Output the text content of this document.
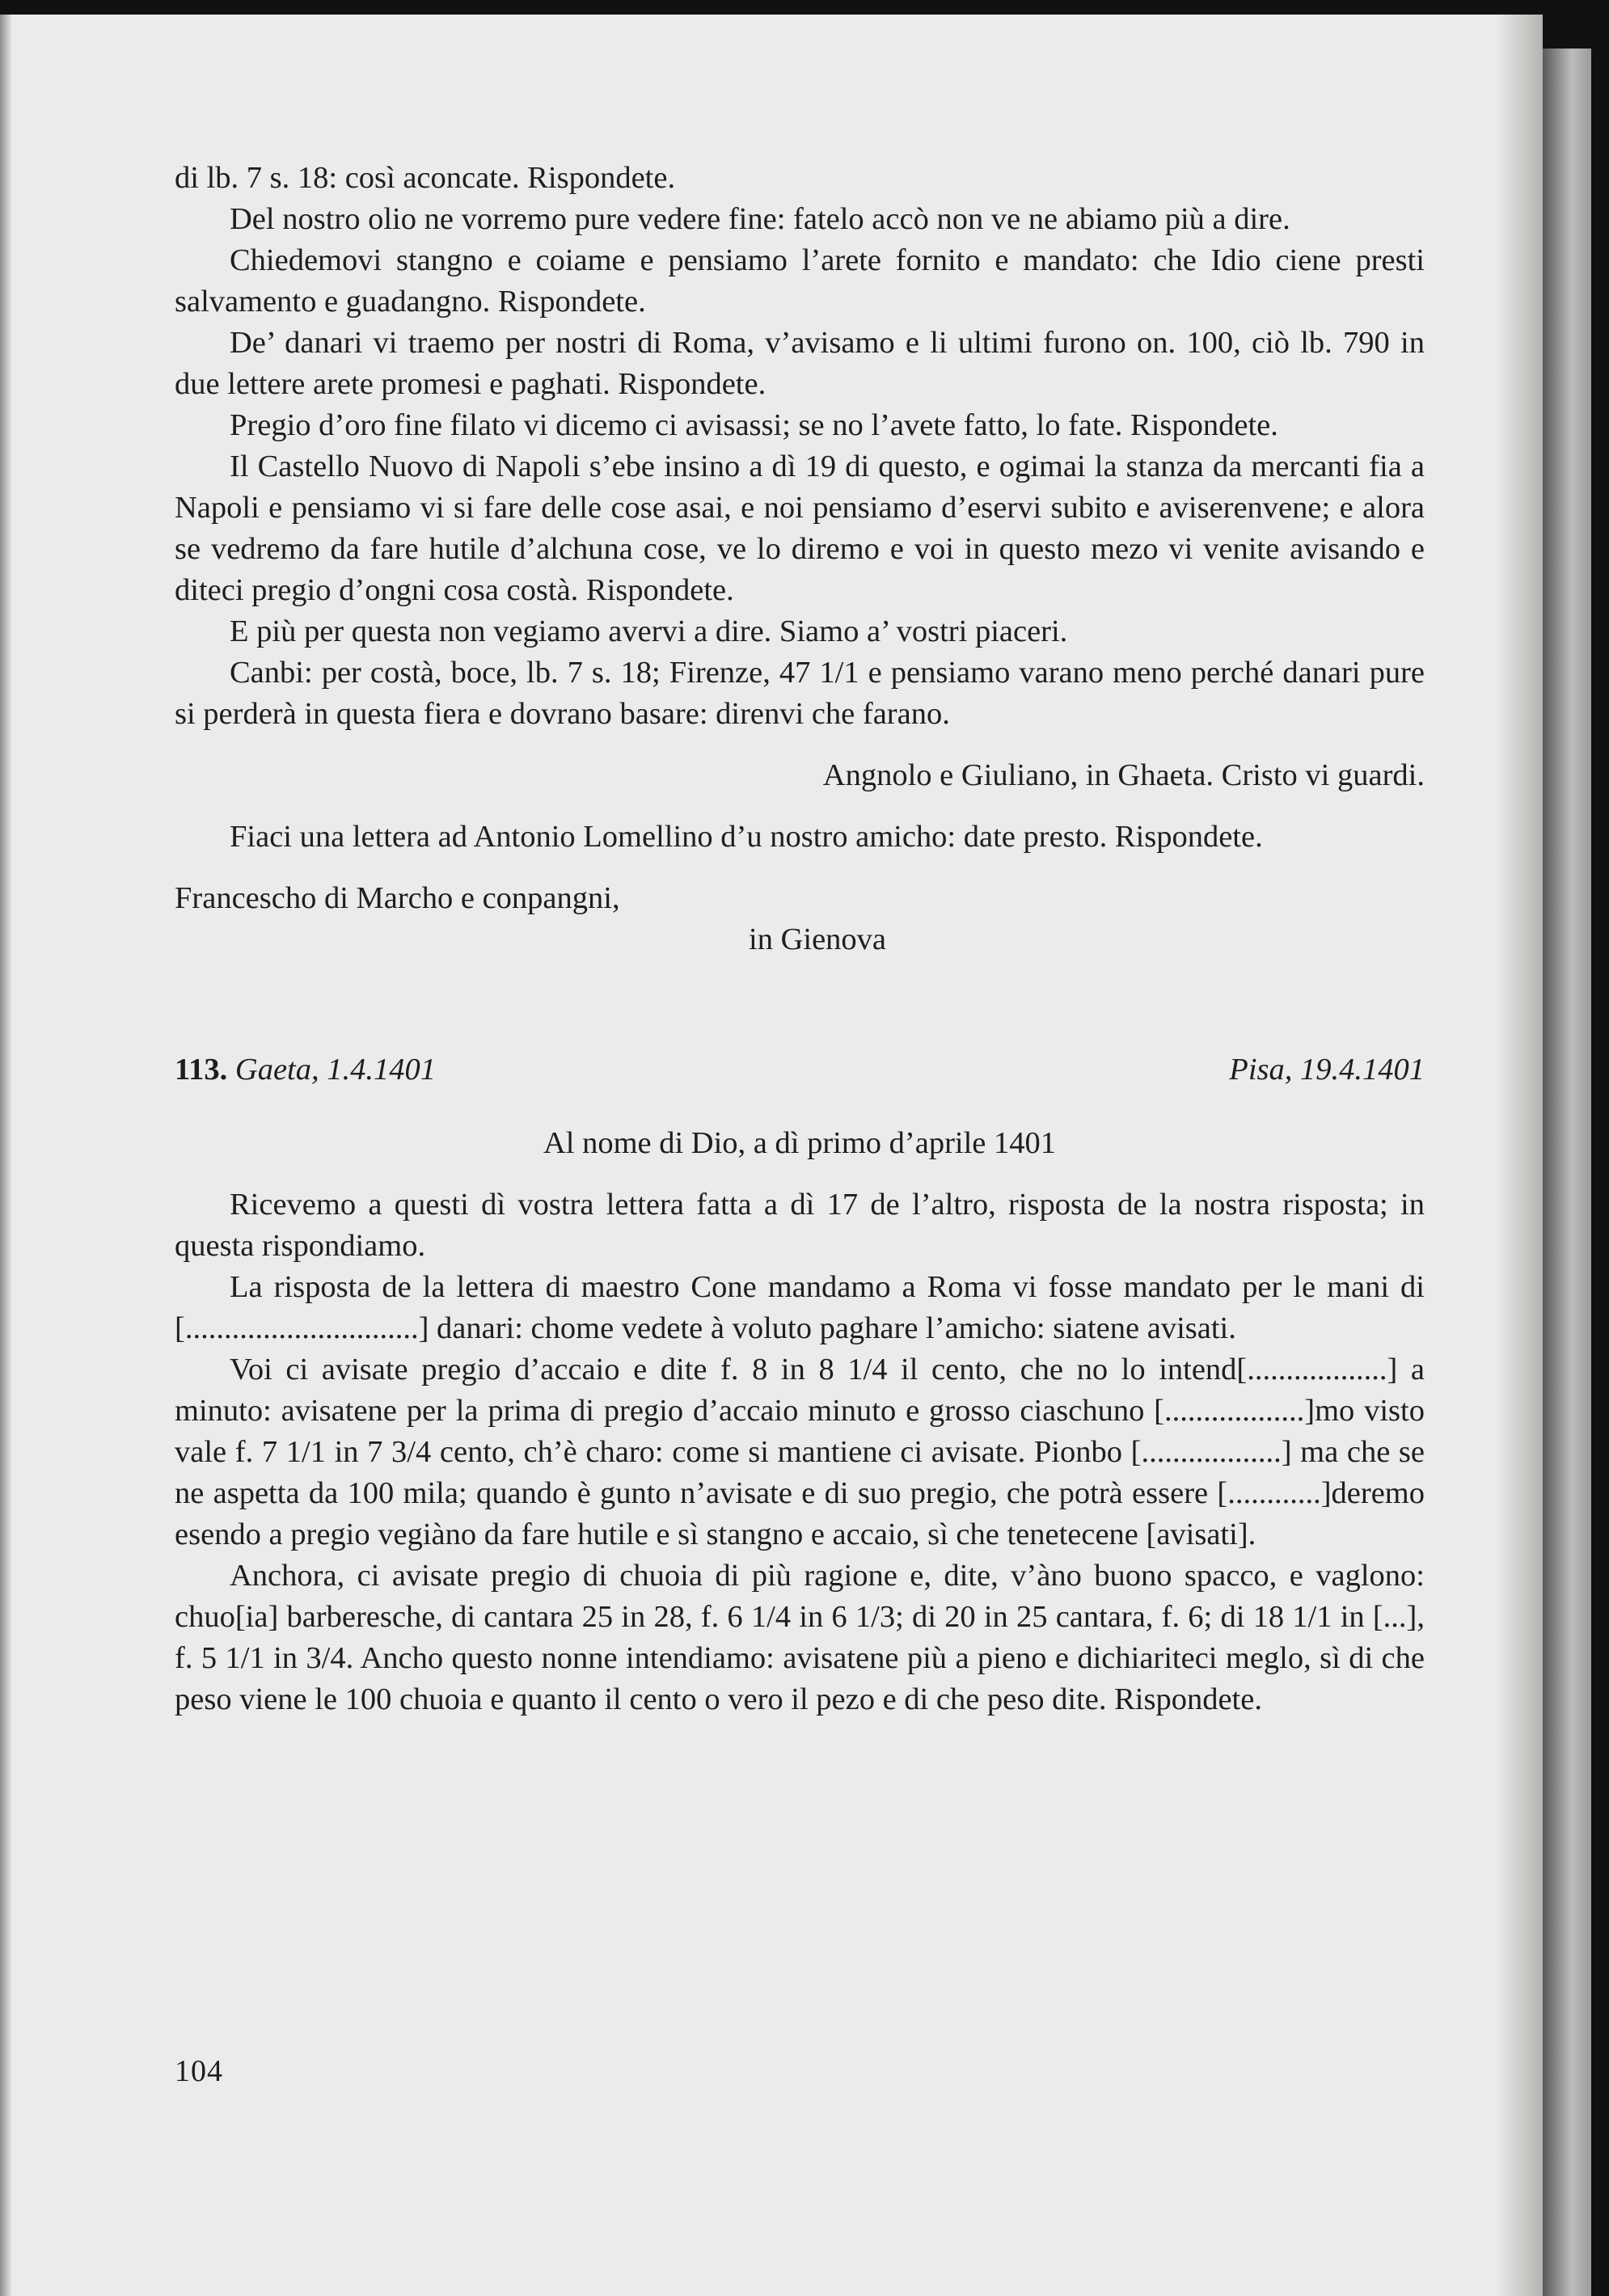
di lb. 7 s. 18: così aconcate. Rispondete.

Del nostro olio ne vorremo pure vedere fine: fatelo accò non ve ne abiamo più a dire.

Chiedemovi stangno e coiame e pensiamo l’arete fornito e mandato: che Idio ciene presti salvamento e guadangno. Rispondete.

De’ danari vi traemo per nostri di Roma, v’avisamo e li ultimi furono on. 100, ciò lb. 790 in due lettere arete promesi e paghati. Rispondete.

Pregio d’oro fine filato vi dicemo ci avisassi; se no l’avete fatto, lo fate. Rispondete.

Il Castello Nuovo di Napoli s’ebe insino a dì 19 di questo, e ogimai la stanza da mercanti fia a Napoli e pensiamo vi si fare delle cose asai, e noi pensiamo d’eservi subito e aviserenvene; e alora se vedremo da fare hutile d’alchuna cose, ve lo diremo e voi in questo mezo vi venite avisando e diteci pregio d’ongni cosa costà. Rispondete.

E più per questa non vegiamo avervi a dire. Siamo a’ vostri piaceri.

Canbi: per costà, boce, lb. 7 s. 18; Firenze, 47 1/1 e pensiamo varano meno perché danari pure si perderà in questa fiera e dovrano basare: direnvi che farano.

Angnolo e Giuliano, in Ghaeta. Cristo vi guardi.

Fiaci una lettera ad Antonio Lomellino d’u nostro amicho: date presto. Rispondete.

Francescho di Marcho e conpangni,

in Gienova

113. Gaeta, 1.4.1401	Pisa, 19.4.1401

Al nome di Dio, a dì primo d’aprile 1401

Ricevemo a questi dì vostra lettera fatta a dì 17 de l’altro, risposta de la nostra risposta; in questa rispondiamo.

La risposta de la lettera di maestro Cone mandamo a Roma vi fosse mandato per le mani di [..............................] danari: chome vedete à voluto paghare l’amicho: siatene avisati.

Voi ci avisate pregio d’accaio e dite f. 8 in 8 1/4 il cento, che no lo intend[..................] a minuto: avisatene per la prima di pregio d’accaio minuto e grosso ciaschuno [..................]mo visto vale f. 7 1/1 in 7 3/4 cento, ch’è charo: come si mantiene ci avisate. Pionbo [..................] ma che se ne aspetta da 100 mila; quando è gunto n’avisate e di suo pregio, che potrà essere [............]deremo esendo a pregio vegiàno da fare hutile e sì stangno e accaio, sì che tenetecene [avisati].

Anchora, ci avisate pregio di chuoia di più ragione e, dite, v’ànо buono spacco, e vaglono: chuo[ia] barberesche, di cantara 25 in 28, f. 6 1/4 in 6 1/3; di 20 in 25 cantara, f. 6; di 18 1/1 in [...], f. 5 1/1 in 3/4. Ancho questo nonne intendiamo: avisatene più a pieno e dichiariteci meglo, sì di che peso viene le 100 chuoia e quanto il cento o vero il pezo e di che peso dite. Rispondete.

104
